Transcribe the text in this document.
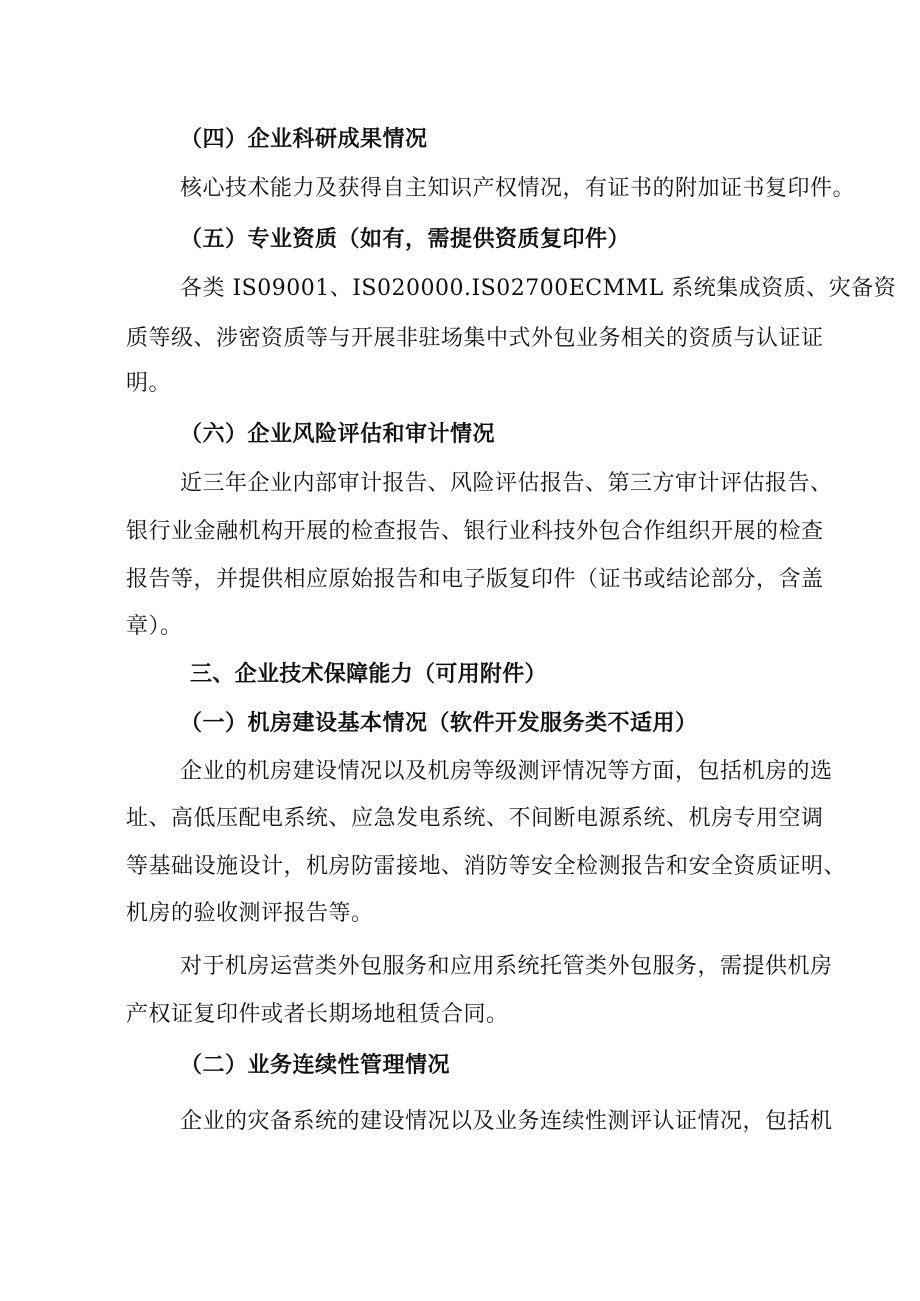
（四）企业科研成果情况
核心技术能力及获得自主知识产权情况，有证书的附加证书复印件。
（五）专业资质（如有，需提供资质复印件）
各类 IS09001、IS020000.IS02700ECMML 系统集成资质、灾备资
质等级、涉密资质等与开展非驻场集中式外包业务相关的资质与认证证
明。
（六）企业风险评估和审计情况
近三年企业内部审计报告、风险评估报告、第三方审计评估报告、
银行业金融机构开展的检查报告、银行业科技外包合作组织开展的检查
报告等，并提供相应原始报告和电子版复印件（证书或结论部分，含盖
章）。
三、企业技术保障能力（可用附件）
（一）机房建设基本情况（软件开发服务类不适用）
企业的机房建设情况以及机房等级测评情况等方面，包括机房的选
址、高低压配电系统、应急发电系统、不间断电源系统、机房专用空调
等基础设施设计，机房防雷接地、消防等安全检测报告和安全资质证明、
机房的验收测评报告等。
对于机房运营类外包服务和应用系统托管类外包服务，需提供机房
产权证复印件或者长期场地租赁合同。
（二）业务连续性管理情况
企业的灾备系统的建设情况以及业务连续性测评认证情况，包括机
